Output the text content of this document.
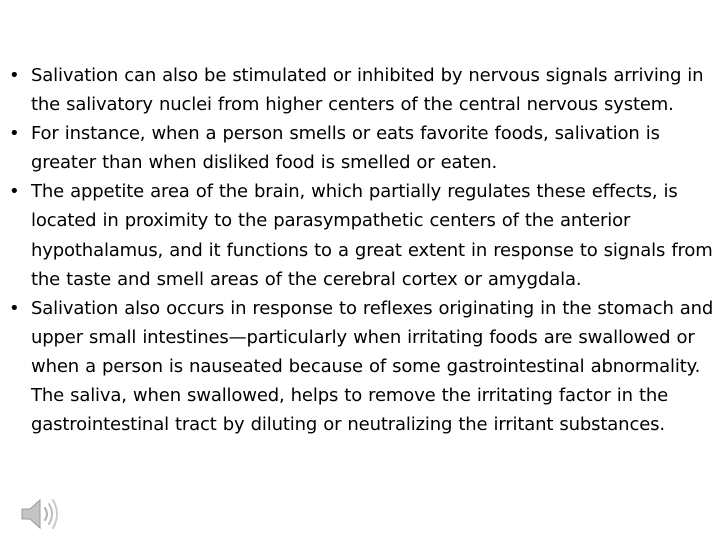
• Salivation can also be stimulated or inhibited by nervous signals arriving in the salivatory nuclei from higher centers of the central nervous system.
• For instance, when a person smells or eats favorite foods, salivation is greater than when disliked food is smelled or eaten.
• The appetite area of the brain, which partially regulates these effects, is located in proximity to the parasympathetic centers of the anterior hypothalamus, and it functions to a great extent in response to signals from the taste and smell areas of the cerebral cortex or amygdala.
• Salivation also occurs in response to reflexes originating in the stomach and upper small intestines—particularly when irritating foods are swallowed or when a person is nauseated because of some gastrointestinal abnormality. The saliva, when swallowed, helps to remove the irritating factor in the gastrointestinal tract by diluting or neutralizing the irritant substances.
